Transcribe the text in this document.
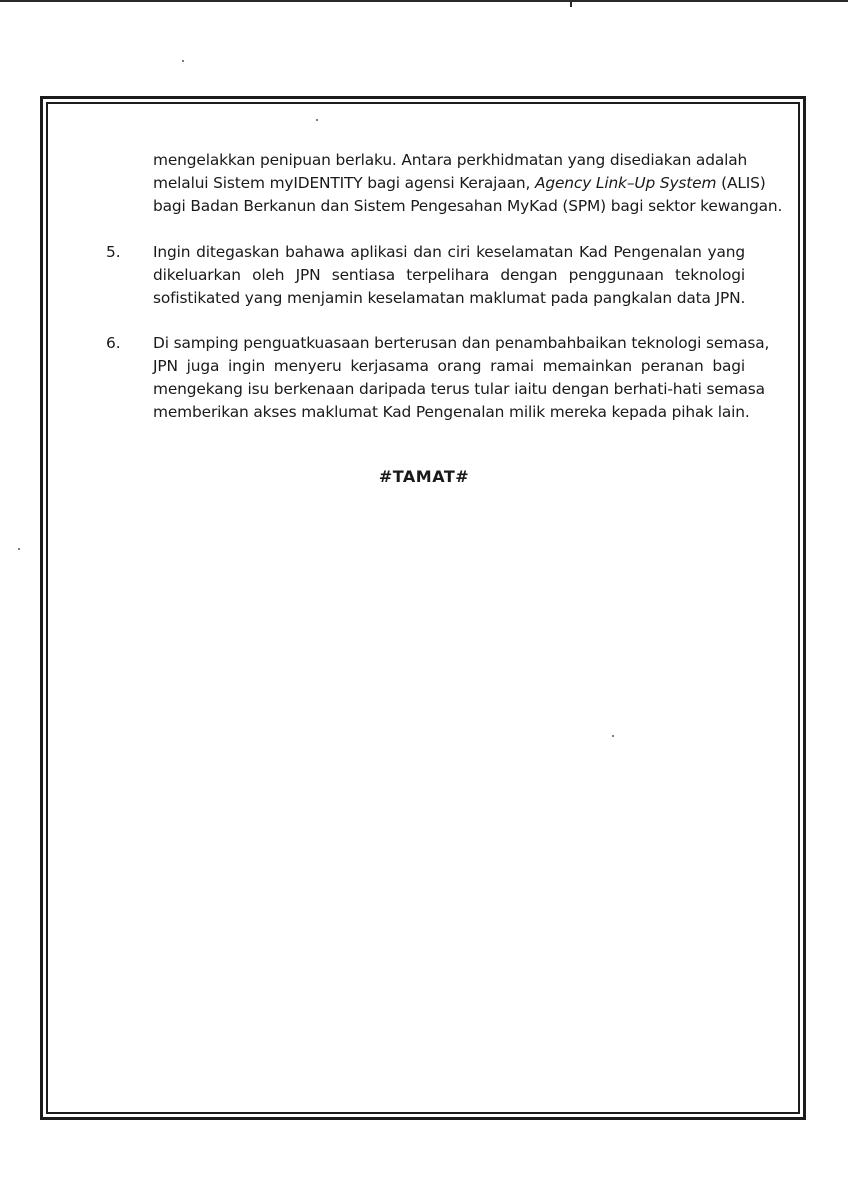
mengelakkan penipuan berlaku. Antara perkhidmatan yang disediakan adalah
melalui Sistem myIDENTITY bagi agensi Kerajaan, Agency Link–Up System (ALIS)
bagi Badan Berkanun dan Sistem Pengesahan MyKad (SPM) bagi sektor kewangan.
5. Ingin ditegaskan bahawa aplikasi dan ciri keselamatan Kad Pengenalan yang
dikeluarkan oleh JPN sentiasa terpelihara dengan penggunaan teknologi
sofistikated yang menjamin keselamatan maklumat pada pangkalan data JPN.
6. Di samping penguatkuasaan berterusan dan penambahbaikan teknologi semasa,
JPN juga ingin menyeru kerjasama orang ramai memainkan peranan bagi
mengekang isu berkenaan daripada terus tular iaitu dengan berhati-hati semasa
memberikan akses maklumat Kad Pengenalan milik mereka kepada pihak lain.
#TAMAT#
